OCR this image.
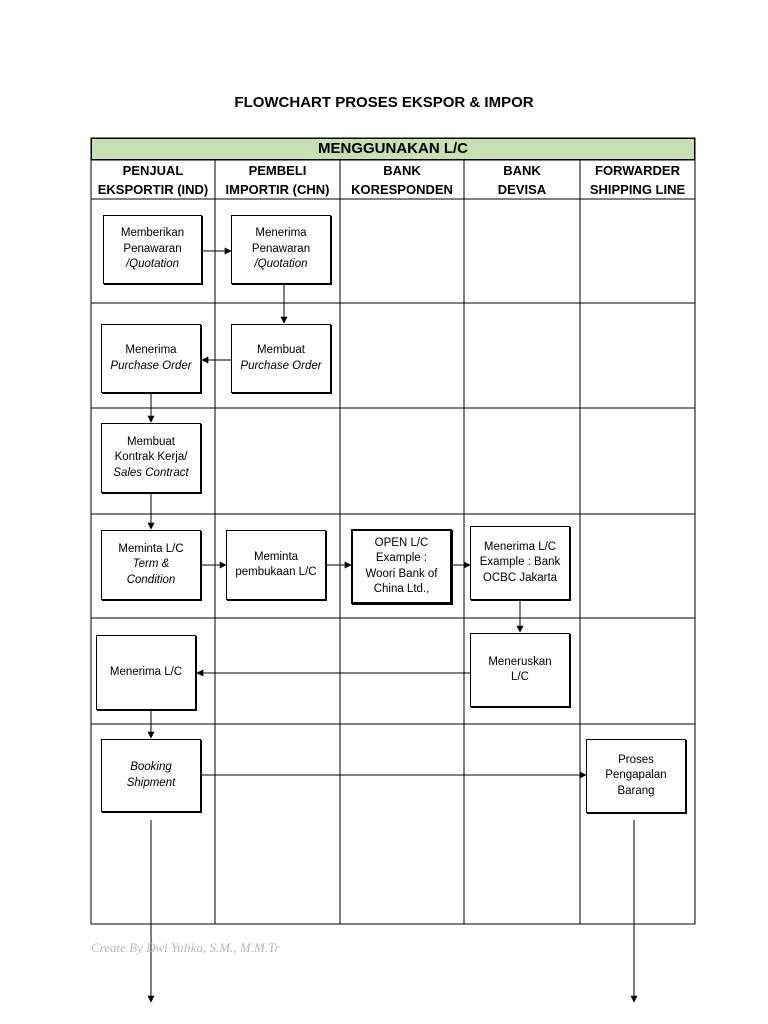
FLOWCHART PROSES EKSPOR & IMPOR
MENGGUNAKAN L/C
PENJUAL
EKSPORTIR (IND)
PEMBELI
IMPORTIR (CHN)
BANK
KORESPONDEN
BANK
DEVISA
FORWARDER
SHIPPING LINE
Memberikan
Penawaran
/Quotation
Menerima
Penawaran
/Quotation
Membuat
Purchase Order
Menerima
Purchase Order
Membuat
Kontrak Kerja/
Sales Contract
Meminta L/C
Term &
Condition
Meminta
pembukaan L/C
OPEN L/C
Example :
Woori Bank of
China Ltd.,
Menerima L/C
Example : Bank
OCBC Jakarta
Meneruskan
L/C
Menerima L/C
Booking
Shipment
Proses
Pengapalan
Barang
Create By Dwi Yulika, S.M., M.M.Tr
